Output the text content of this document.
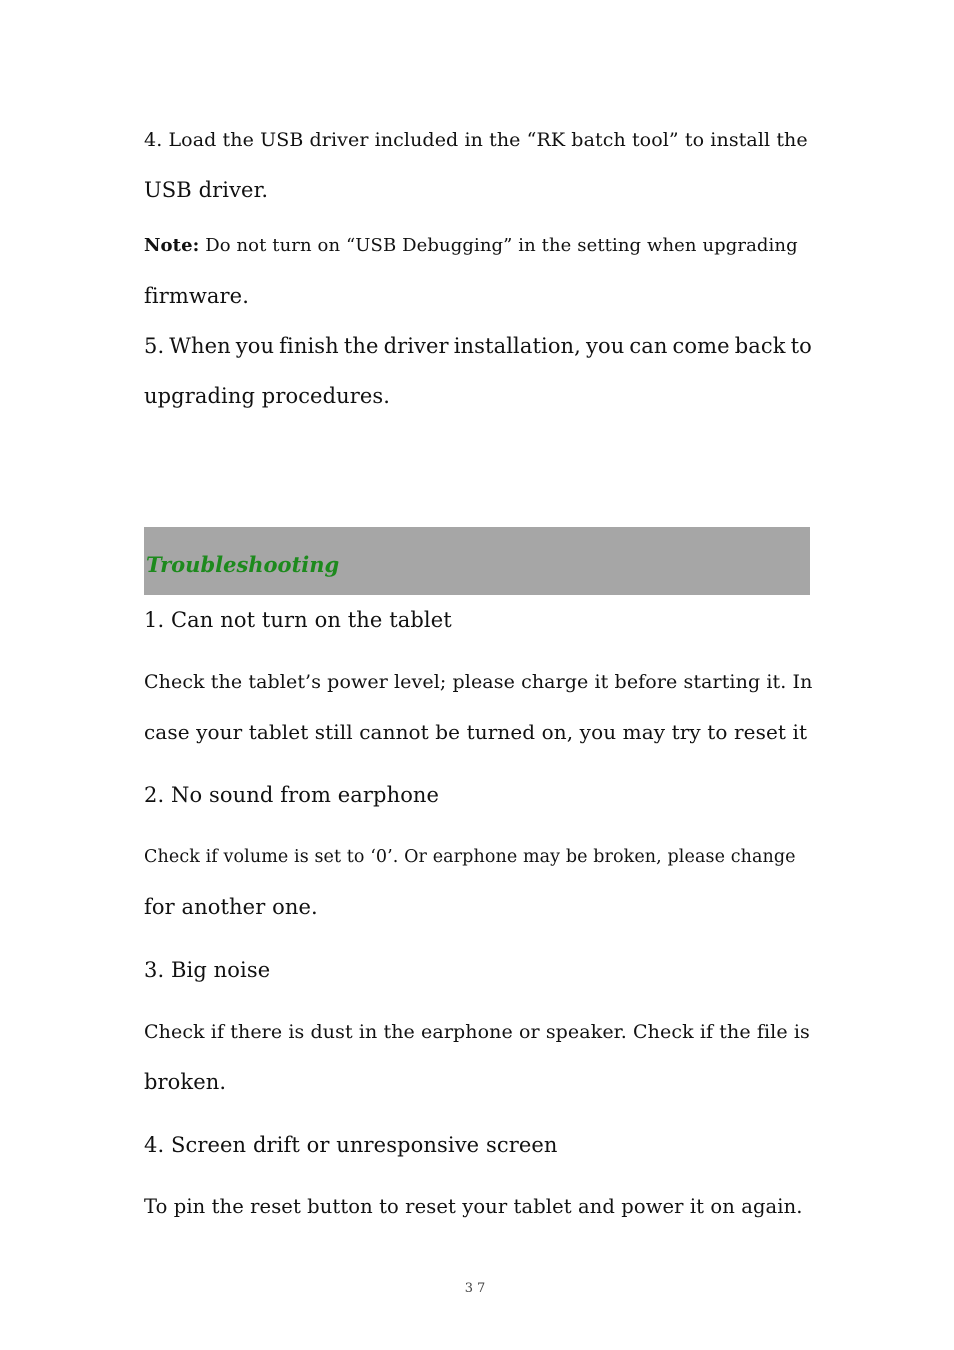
4. Load the USB driver included in the “RK batch tool” to install the
USB driver.
Note: Do not turn on “USB Debugging” in the setting when upgrading
firmware.
5. When you finish the driver installation, you can come back to
upgrading procedures.
Troubleshooting
1. Can not turn on the tablet
Check the tablet’s power level; please charge it before starting it. In
case your tablet still cannot be turned on, you may try to reset it
2. No sound from earphone
Check if volume is set to ‘0’. Or earphone may be broken, please change
for another one.
3. Big noise
Check if there is dust in the earphone or speaker. Check if the file is
broken.
4. Screen drift or unresponsive screen
To pin the reset button to reset your tablet and power it on again.
37
